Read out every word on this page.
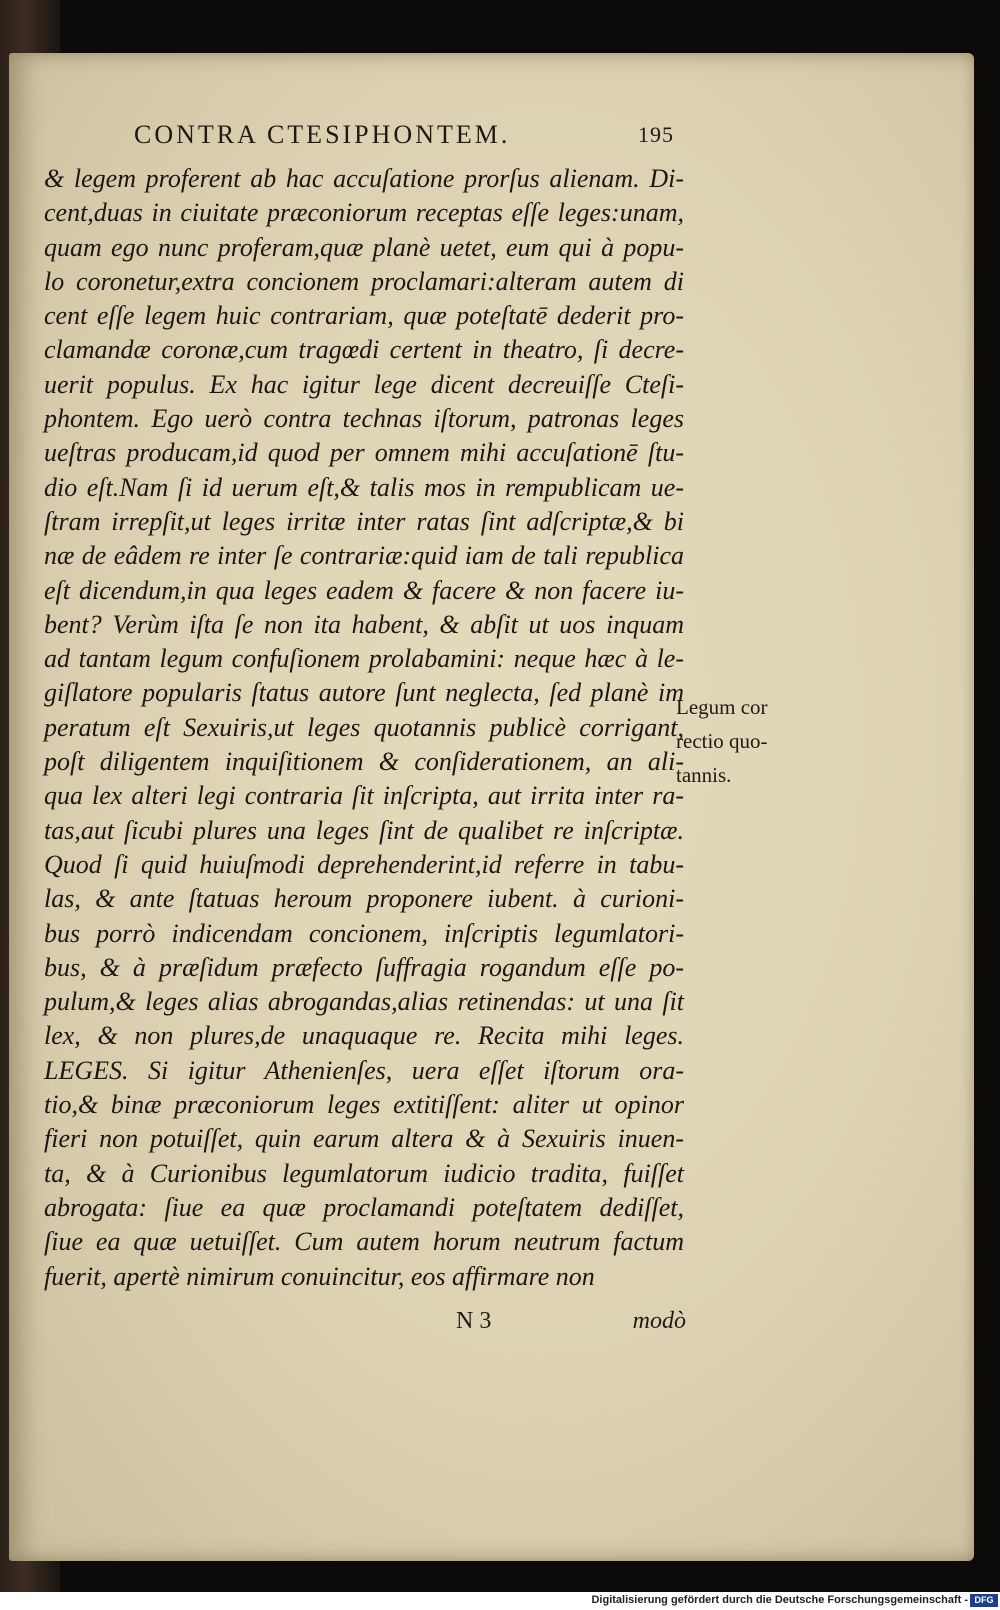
CONTRA CTESIPHONTEM.	195
& legem proferent ab hac accuſatione prorſus alienam. Di-
cent,duas in ciuitate præconiorum receptas eſſe leges:unam,
quam ego nunc proferam,quæ planè uetet, eum qui à popu-
lo coronetur,extra concionem proclamari:alteram autem di
cent eſſe legem huic contrariam, quæ poteſtatē dederit pro-
clamandæ coronæ,cum tragœdi certent in theatro, ſi decre-
uerit populus. Ex hac igitur lege dicent decreuiſſe Cteſi-
phontem. Ego uerò contra technas iſtorum, patronas leges
ueſtras producam,id quod per omnem mihi accuſationē ſtu-
dio eſt.Nam ſi id uerum eſt,& talis mos in rempublicam ue-
ſtram irrepſit,ut leges irritæ inter ratas ſint adſcriptæ,& bi
næ de eâdem re inter ſe contrariæ:quid iam de tali republica
eſt dicendum,in qua leges eadem & facere & non facere iu-
bent? Verùm iſta ſe non ita habent, & abſit ut uos inquam
ad tantam legum confuſionem prolabamini: neque hæc à le-
giſlatore popularis ſtatus autore ſunt neglecta, ſed planè im
peratum eſt Sexuiris,ut leges quotannis publicè corrigant,
poſt diligentem inquiſitionem & conſiderationem, an ali-
qua lex alteri legi contraria ſit inſcripta, aut irrita inter ra-
tas,aut ſicubi plures una leges ſint de qualibet re inſcriptæ.
Quod ſi quid huiuſmodi deprehenderint,id referre in tabu-
las, & ante ſtatuas heroum proponere iubent. à curioni-
bus porrò indicendam concionem, inſcriptis legumlatori-
bus, & à præſidum præfecto ſuffragia rogandum eſſe po-
pulum,& leges alias abrogandas,alias retinendas: ut una ſit
lex, & non plures,de unaquaque re. Recita mihi leges.
LEGES. Si igitur Athenienſes, uera eſſet iſtorum ora-
tio,& binæ præconiorum leges extitiſſent: aliter ut opinor
fieri non potuiſſet, quin earum altera & à Sexuiris inuen-
ta, & à Curionibus legumlatorum iudicio tradita, fuiſſet
abrogata: ſiue ea quæ proclamandi poteſtatem dediſſet,
ſiue ea quæ uetuiſſet. Cum autem horum neutrum factum
fuerit, apertè nimirum conuincitur, eos affirmare non
Legum cor
rectio quo-
tannis.
N 3	modò
Digitalisierung gefördert durch die Deutsche Forschungsgemeinschaft - DFG
